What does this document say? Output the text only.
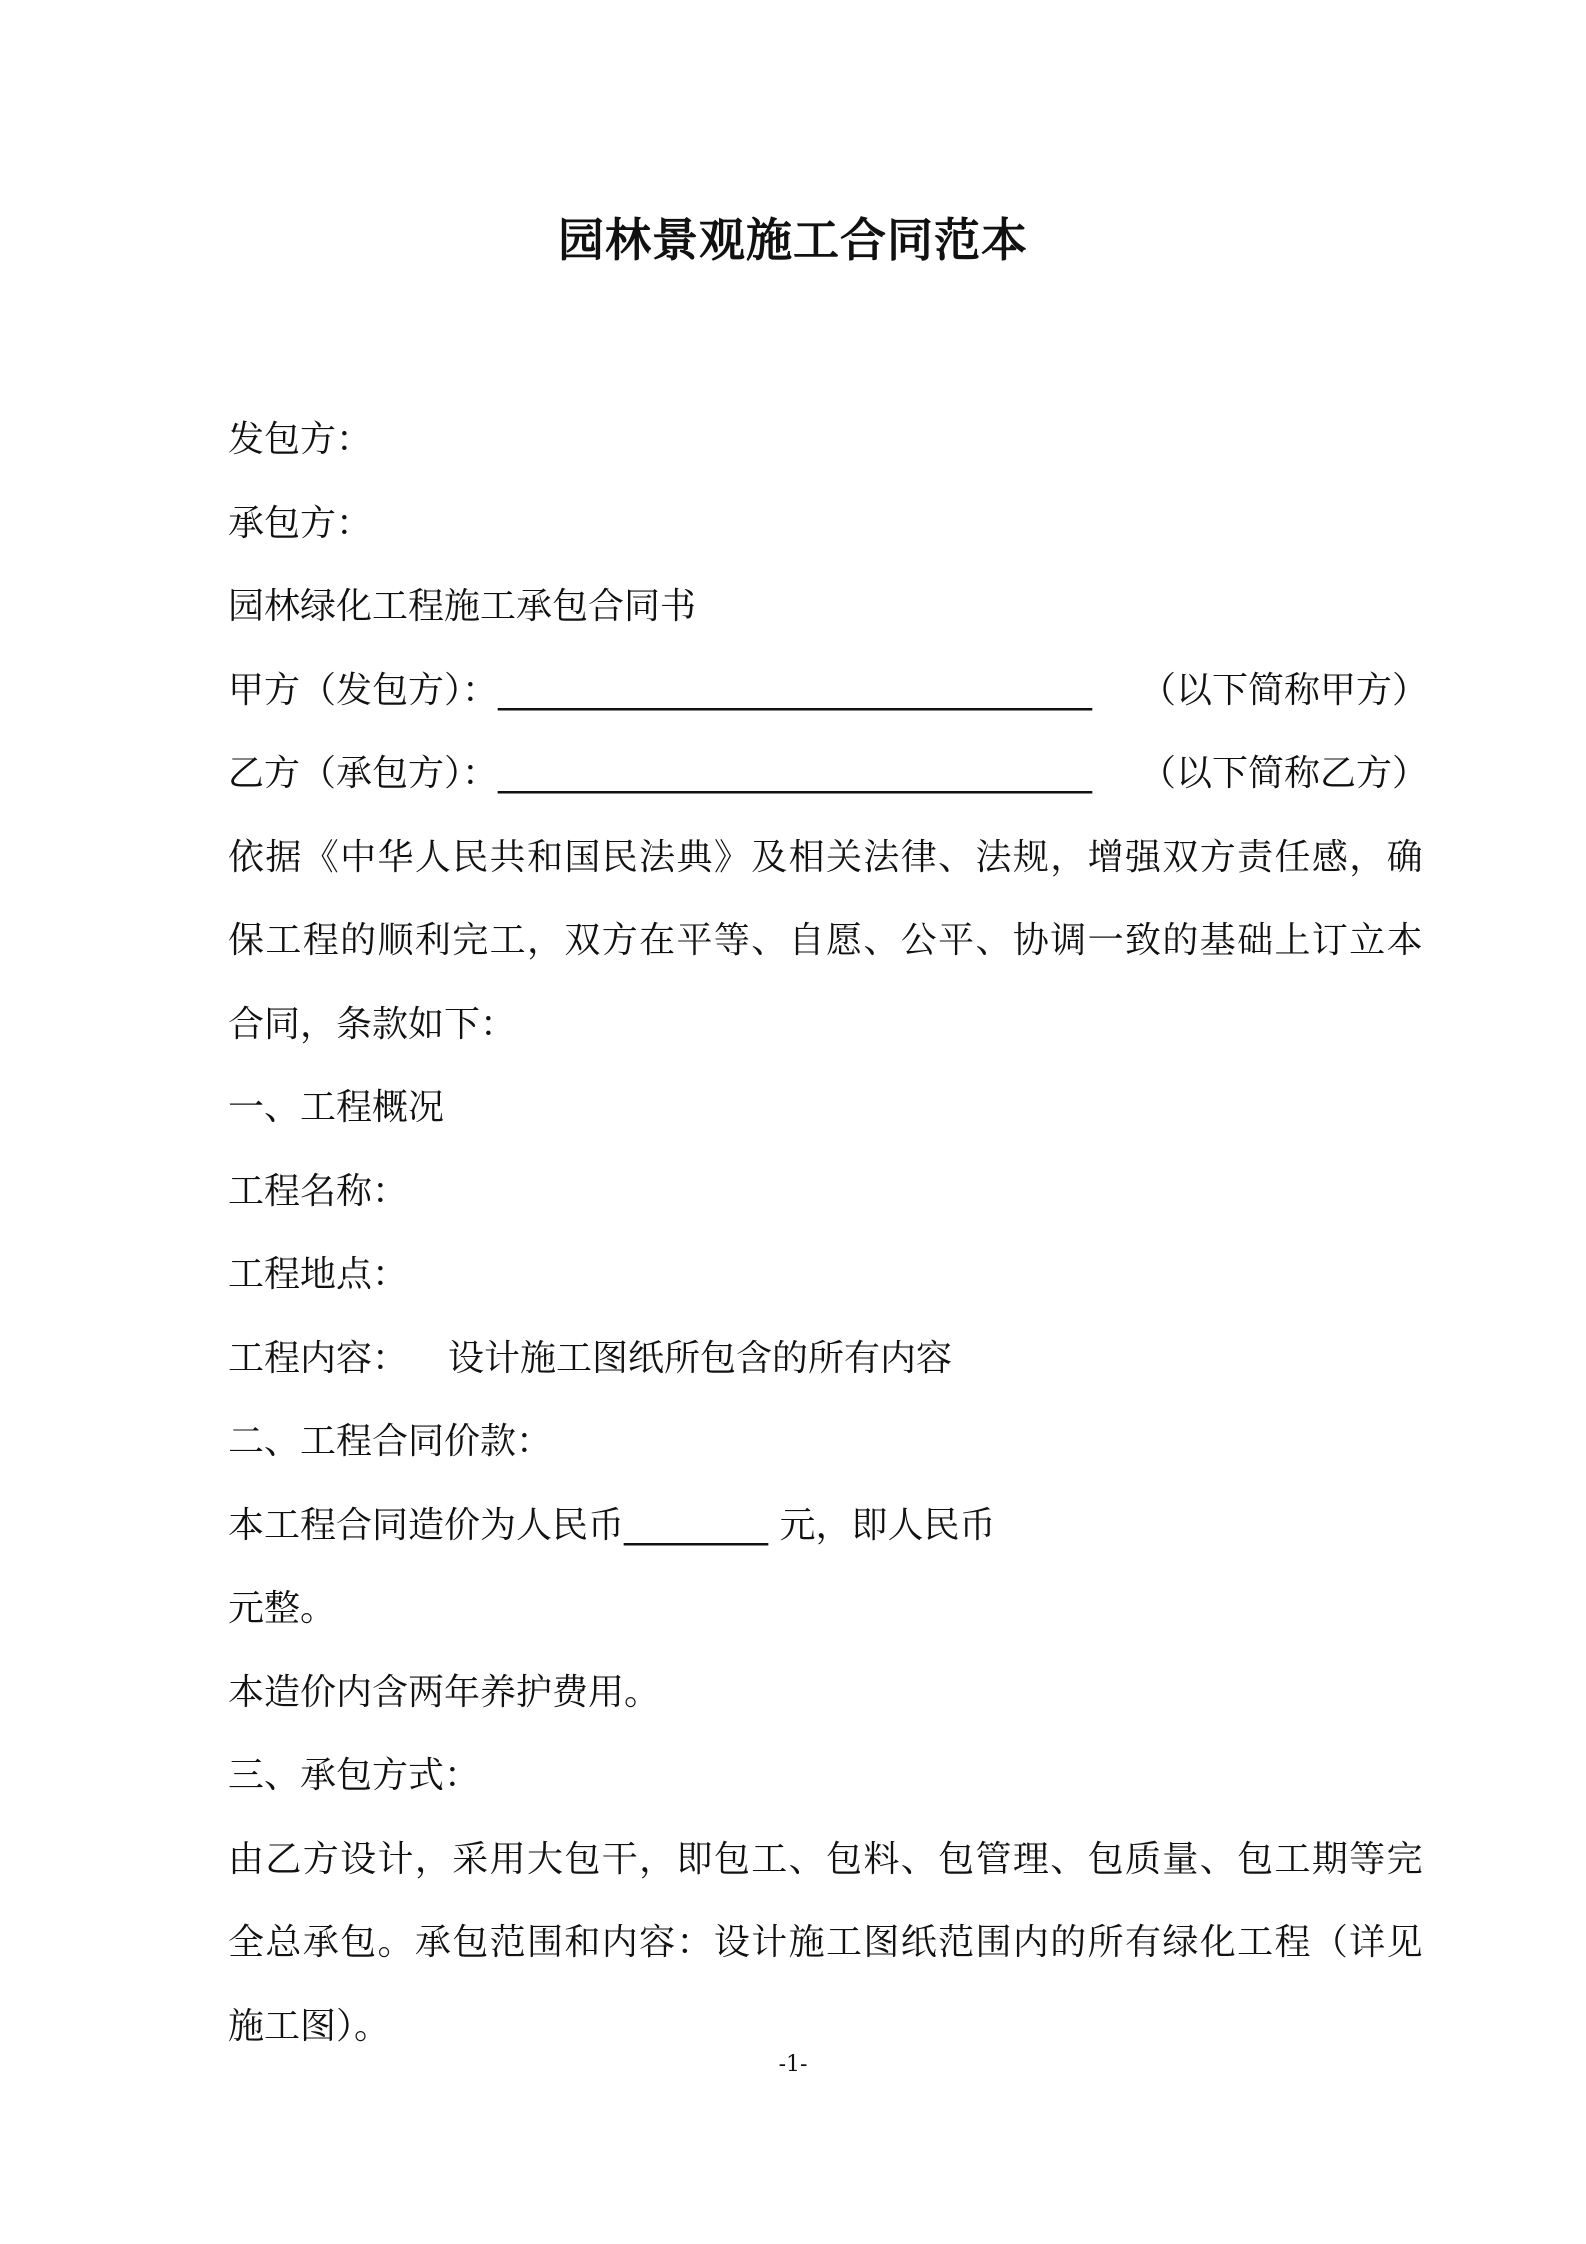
园林景观施工合同范本
发包方：
承包方：
园林绿化工程施工承包合同书
甲方（发包方）：_________________________________ （以下简称甲方）
乙方（承包方）：_________________________________ （以下简称乙方）
依 据 《 中 华 人 民 共 和 国 民 法 典 》 及 相 关 法 律 、 法 规 ， 增 强 双 方 责 任 感 ， 确
保 工 程 的 顺 利 完 工 ， 双 方 在 平 等 、 自 愿 、 公 平 、 协 调 一 致 的 基 础 上 订 立 本
合同，条款如下：
一、工程概况
工程名称：
工程地点：
工程内容： 设计施工图纸所包含的所有内容
二、工程合同价款：
本工程合同造价为人民币________ 元，即人民币
元整。
本造价内含两年养护费用。
三、承包方式：
由 乙 方 设 计 ， 采 用 大 包 干 ， 即 包 工 、 包 料 、 包 管 理 、 包 质 量 、 包 工 期 等 完
全 总 承 包 。 承 包 范 围 和 内 容 ： 设 计 施 工 图 纸 范 围 内 的 所 有 绿 化 工 程 （ 详 见
施工图）。
-1-
